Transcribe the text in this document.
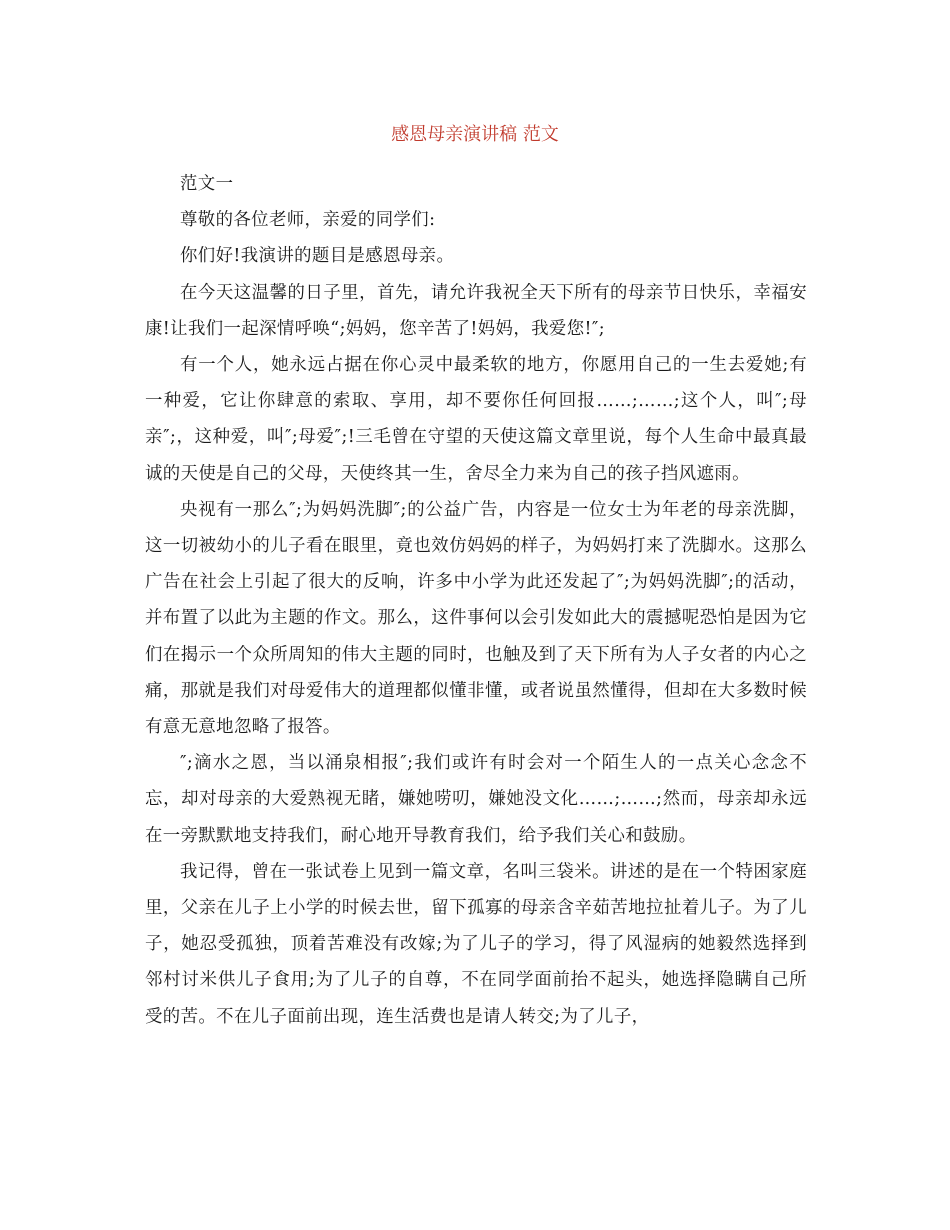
感恩母亲演讲稿 范文

范文一

尊敬的各位老师，亲爱的同学们:

你们好!我演讲的题目是感恩母亲。

在今天这温馨的日子里，首先，请允许我祝全天下所有的母亲节日快乐，幸福安康!让我们一起深情呼唤“;妈妈，您辛苦了!妈妈，我爱您!″;

有一个人，她永远占据在你心灵中最柔软的地方，你愿用自己的一生去爱她;有一种爱，它让你肆意的索取、享用，却不要你任何回报……;……;这个人，叫″;母亲″;，这种爱，叫″;母爱″;!三毛曾在守望的天使这篇文章里说，每个人生命中最真最诚的天使是自己的父母，天使终其一生，舍尽全力来为自己的孩子挡风遮雨。

央视有一那么″;为妈妈洗脚″;的公益广告，内容是一位女士为年老的母亲洗脚，这一切被幼小的儿子看在眼里，竟也效仿妈妈的样子，为妈妈打来了洗脚水。这那么广告在社会上引起了很大的反响，许多中小学为此还发起了″;为妈妈洗脚″;的活动，并布置了以此为主题的作文。那么，这件事何以会引发如此大的震撼呢恐怕是因为它们在揭示一个众所周知的伟大主题的同时，也触及到了天下所有为人子女者的内心之痛，那就是我们对母爱伟大的道理都似懂非懂，或者说虽然懂得，但却在大多数时候有意无意地忽略了报答。

″;滴水之恩，当以涌泉相报″;我们或许有时会对一个陌生人的一点关心念念不忘，却对母亲的大爱熟视无睹，嫌她唠叨，嫌她没文化……;……;然而，母亲却永远在一旁默默地支持我们，耐心地开导教育我们，给予我们关心和鼓励。

我记得，曾在一张试卷上见到一篇文章，名叫三袋米。讲述的是在一个特困家庭里，父亲在儿子上小学的时候去世，留下孤寡的母亲含辛茹苦地拉扯着儿子。为了儿子，她忍受孤独，顶着苦难没有改嫁;为了儿子的学习，得了风湿病的她毅然选择到邻村讨米供儿子食用;为了儿子的自尊，不在同学面前抬不起头，她选择隐瞒自己所受的苦。不在儿子面前出现，连生活费也是请人转交;为了儿子，
